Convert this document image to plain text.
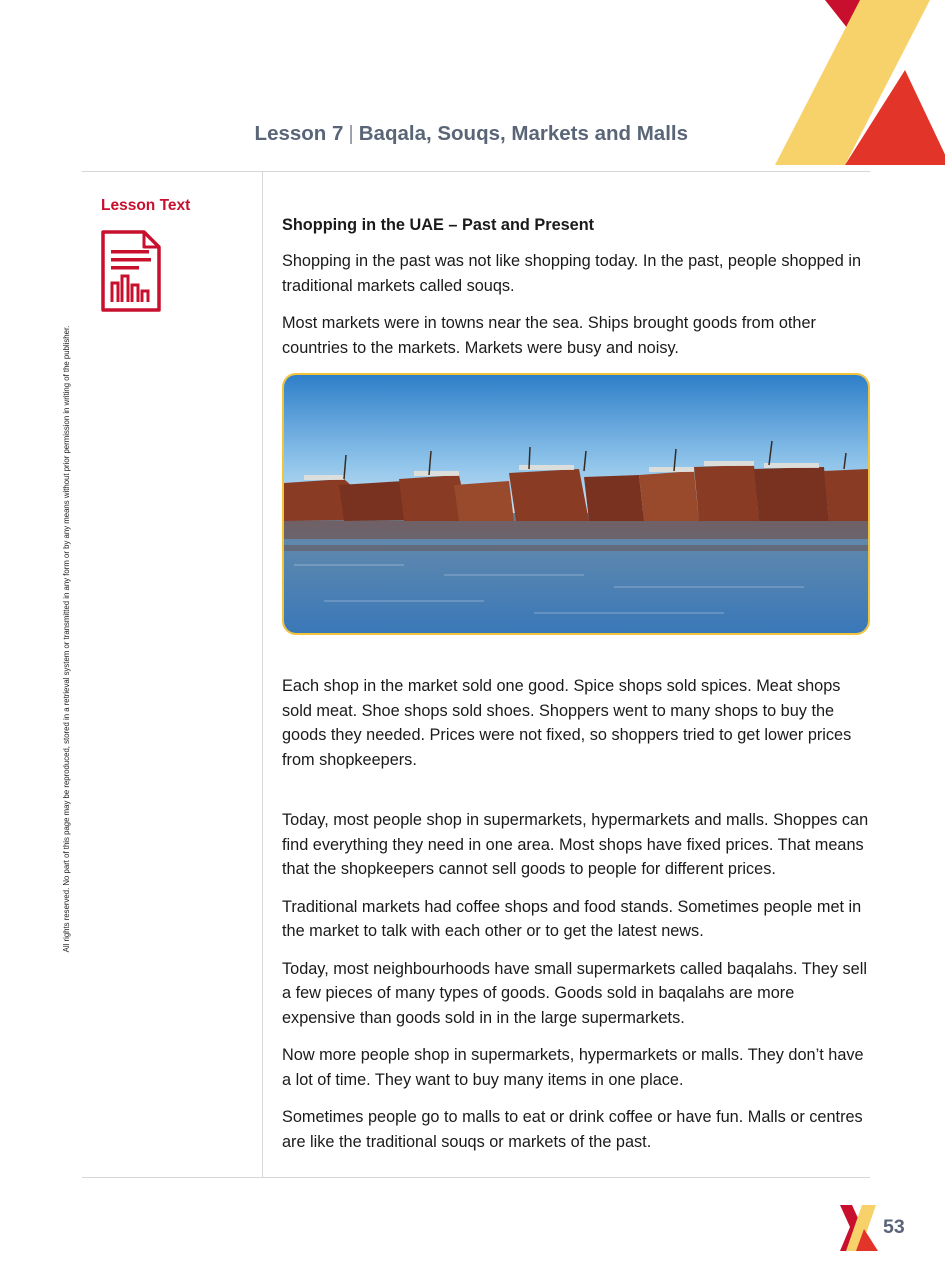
Lesson 7 | Baqala, Souqs, Markets and Malls
Lesson Text
All rights reserved. No part of this page may be reproduced, stored in a retrieval system or transmitted in any form or by any means without prior permission in writing of the publisher.
Shopping in the UAE – Past and Present

Shopping in the past was not like shopping today. In the past, people shopped in traditional markets called souqs.

Most markets were in towns near the sea. Ships brought goods from other countries to the markets. Markets were busy and noisy.

Each shop in the market sold one good. Spice shops sold spices. Meat shops sold meat. Shoe shops sold shoes. Shoppers went to many shops to buy the goods they needed. Prices were not fixed, so shoppers tried to get lower prices from shopkeepers.

Today, most people shop in supermarkets, hypermarkets and malls. Shoppes can find everything they need in one area. Most shops have fixed prices. That means that the shopkeepers cannot sell goods to people for different prices.

Traditional markets had coffee shops and food stands. Sometimes people met in the market to talk with each other or to get the latest news.

Today, most neighbourhoods have small supermarkets called baqalahs. They sell a few pieces of many types of goods. Goods sold in baqalahs are more expensive than goods sold in in the large supermarkets.

Now more people shop in supermarkets, hypermarkets or malls. They don’t have a lot of time. They want to buy many items in one place.

Sometimes people go to malls to eat or drink coffee or have fun. Malls or centres are like the traditional souqs or markets of the past.

53
